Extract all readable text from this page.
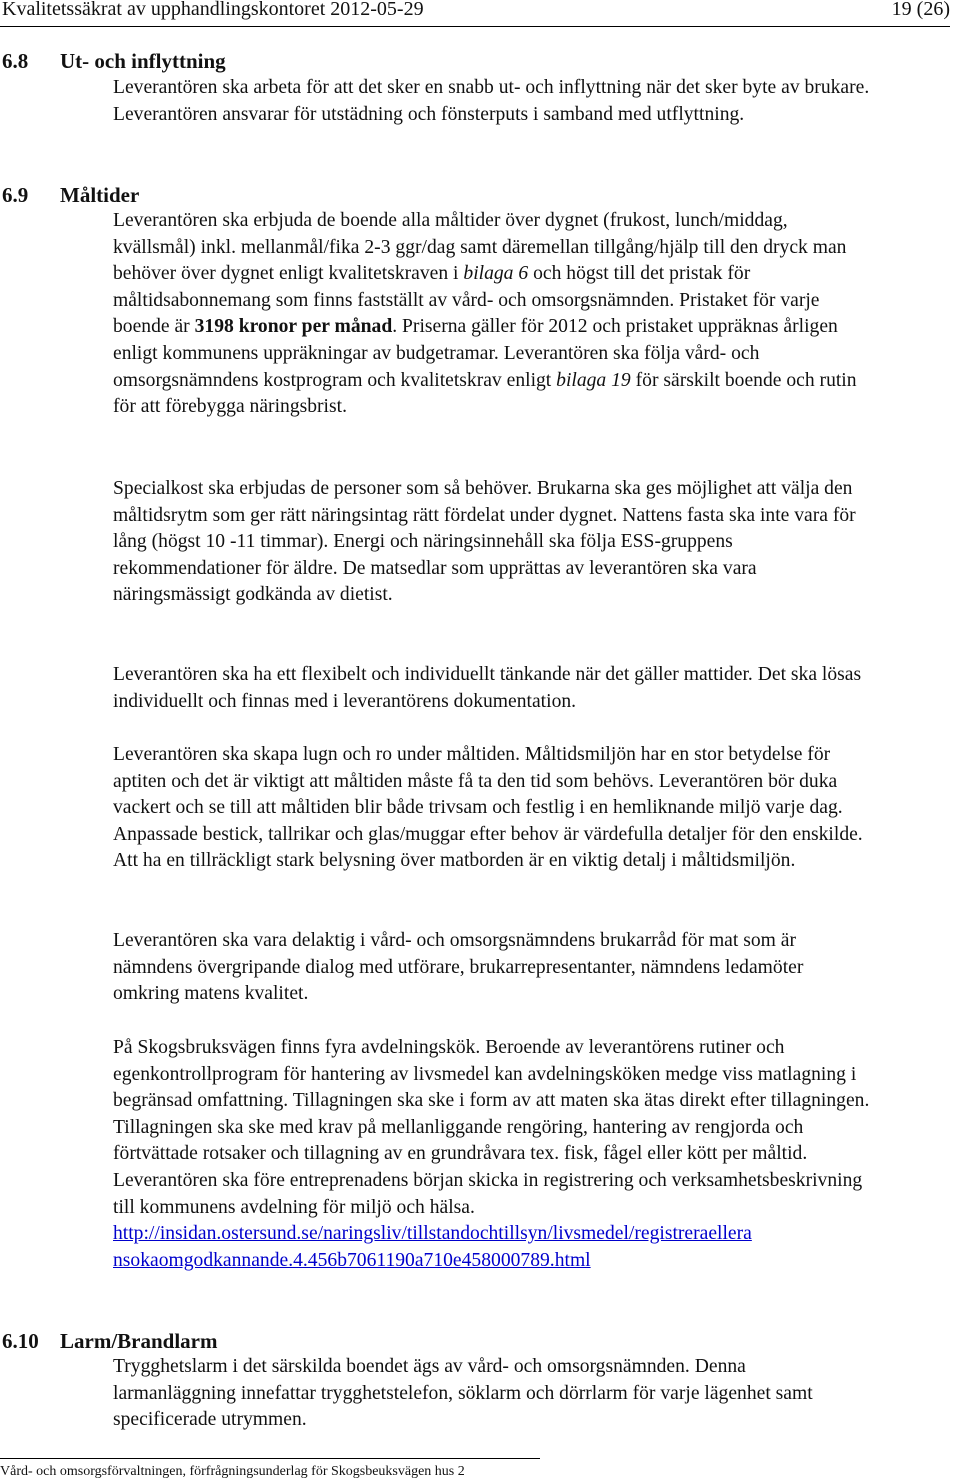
Kvalitetssäkrat av upphandlingskontoret 2012-05-29	19 (26)
6.8 Ut- och inflyttning

Leverantören ska arbeta för att det sker en snabb ut- och inflyttning när det sker byte av brukare. Leverantören ansvarar för utstädning och fönsterputs i samband med utflyttning.

6.9 Måltider

Leverantören ska erbjuda de boende alla måltider över dygnet (frukost, lunch/middag, kvällsmål) inkl. mellanmål/fika 2-3 ggr/dag samt däremellan tillgång/hjälp till den dryck man behöver över dygnet enligt kvalitetskraven i bilaga 6 och högst till det pristak för måltidsabonnemang som finns fastställt av vård- och omsorgsnämnden. Pristaket för varje boende är 3198 kronor per månad. Priserna gäller för 2012 och pristaket uppräknas årligen enligt kommunens uppräkningar av budgetramar. Leverantören ska följa vård- och omsorgsnämndens kostprogram och kvalitetskrav enligt bilaga 19 för särskilt boende och rutin för att förebygga näringsbrist.

Specialkost ska erbjudas de personer som så behöver. Brukarna ska ges möjlighet att välja den måltidsrytm som ger rätt näringsintag rätt fördelat under dygnet. Nattens fasta ska inte vara för lång (högst 10 -11 timmar). Energi och näringsinnehåll ska följa ESS-gruppens rekommendationer för äldre. De matsedlar som upprättas av leverantören ska vara näringsmässigt godkända av dietist.

Leverantören ska ha ett flexibelt och individuellt tänkande när det gäller mattider. Det ska lösas individuellt och finnas med i leverantörens dokumentation.

Leverantören ska skapa lugn och ro under måltiden. Måltidsmiljön har en stor betydelse för aptiten och det är viktigt att måltiden måste få ta den tid som behövs. Leverantören bör duka vackert och se till att måltiden blir både trivsam och festlig i en hemliknande miljö varje dag. Anpassade bestick, tallrikar och glas/muggar efter behov är värdefulla detaljer för den enskilde. Att ha en tillräckligt stark belysning över matborden är en viktig detalj i måltidsmiljön.

Leverantören ska vara delaktig i vård- och omsorgsnämndens brukarråd för mat som är nämndens övergripande dialog med utförare, brukarrepresentanter, nämndens ledamöter omkring matens kvalitet.

På Skogsbruksvägen finns fyra avdelningskök. Beroende av leverantörens rutiner och egenkontrollprogram för hantering av livsmedel kan avdelningsköken medge viss matlagning i begränsad omfattning. Tillagningen ska ske i form av att maten ska ätas direkt efter tillagningen. Tillagningen ska ske med krav på mellanliggande rengöring, hantering av rengjorda och förtvättade rotsaker och tillagning av en grundråvara tex. fisk, fågel eller kött per måltid. Leverantören ska före entreprenadens början skicka in registrering och verksamhetsbeskrivning till kommunens avdelning för miljö och hälsa.

http://insidan.ostersund.se/naringsliv/tillstandochtillsyn/livsmedel/registreraellera

nsokaomgodkannande.4.456b7061190a710e458000789.html

6.10 Larm/Brandlarm

Trygghetslarm i det särskilda boendet ägs av vård- och omsorgsnämnden. Denna larmanläggning innefattar trygghetstelefon, söklarm och dörrlarm för varje lägenhet samt specificerade utrymmen.

Vård- och omsorgsförvaltningen, förfrågningsunderlag för Skogsbeuksvägen hus 2
